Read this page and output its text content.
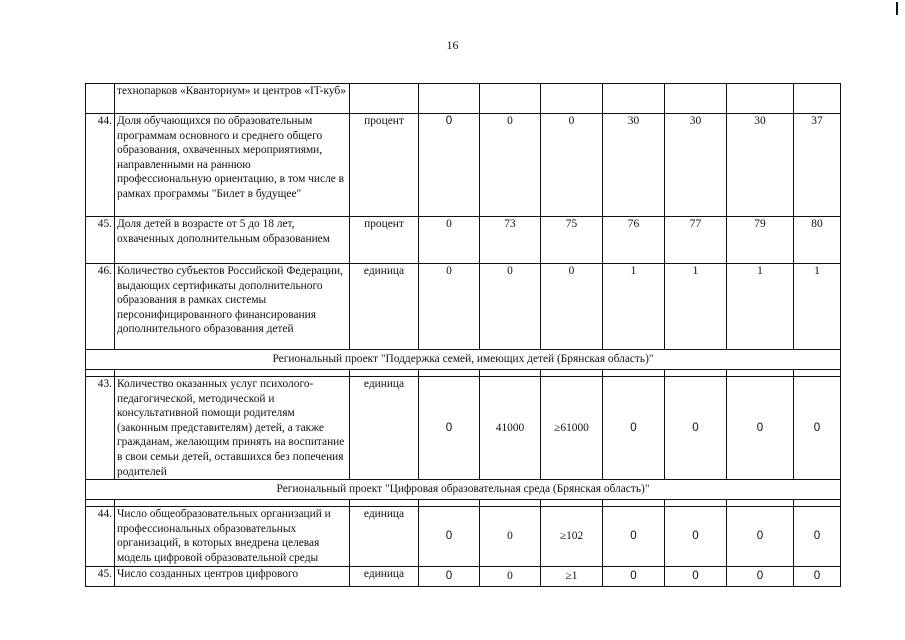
16
	технопарков «Кванториум» и центров «IT-куб»								
44.	Доля обучающихся по образовательным программам основного и среднего общего образования, охваченных мероприятиями, направленными на раннюю профессиональную ориентацию, в том числе в рамках программы "Билет в будущее"	процент	0	0	0	30	30	30	37
45.	Доля детей в возрасте от 5 до 18 лет, охваченных дополнительным образованием	процент	0	73	75	76	77	79	80
46.	Количество субъектов Российской Федерации, выдающих сертификаты дополнительного образования в рамках системы персонифицированного финансирования дополнительного образования детей	единица	0	0	0	1	1	1	1
Региональный проект "Поддержка семей, имеющих детей (Брянская область)"									

43.	Количество оказанных услуг психолого-педагогической, методической и консультативной помощи родителям (законным представителям) детей, а также гражданам, желающим принять на воспитание в свои семьи детей, оставшихся без попечения родителей	единица	0	41000	≥61000	0	0	0	0
Региональный проект "Цифровая образовательная среда (Брянская область)"									

44.	Число общеобразовательных организаций и профессиональных образовательных организаций, в которых внедрена целевая модель цифровой образовательной среды	единица	0	0	≥102	0	0	0	0
45.	Число созданных центров цифрового	единица	0	0	≥1	0	0	0	0
